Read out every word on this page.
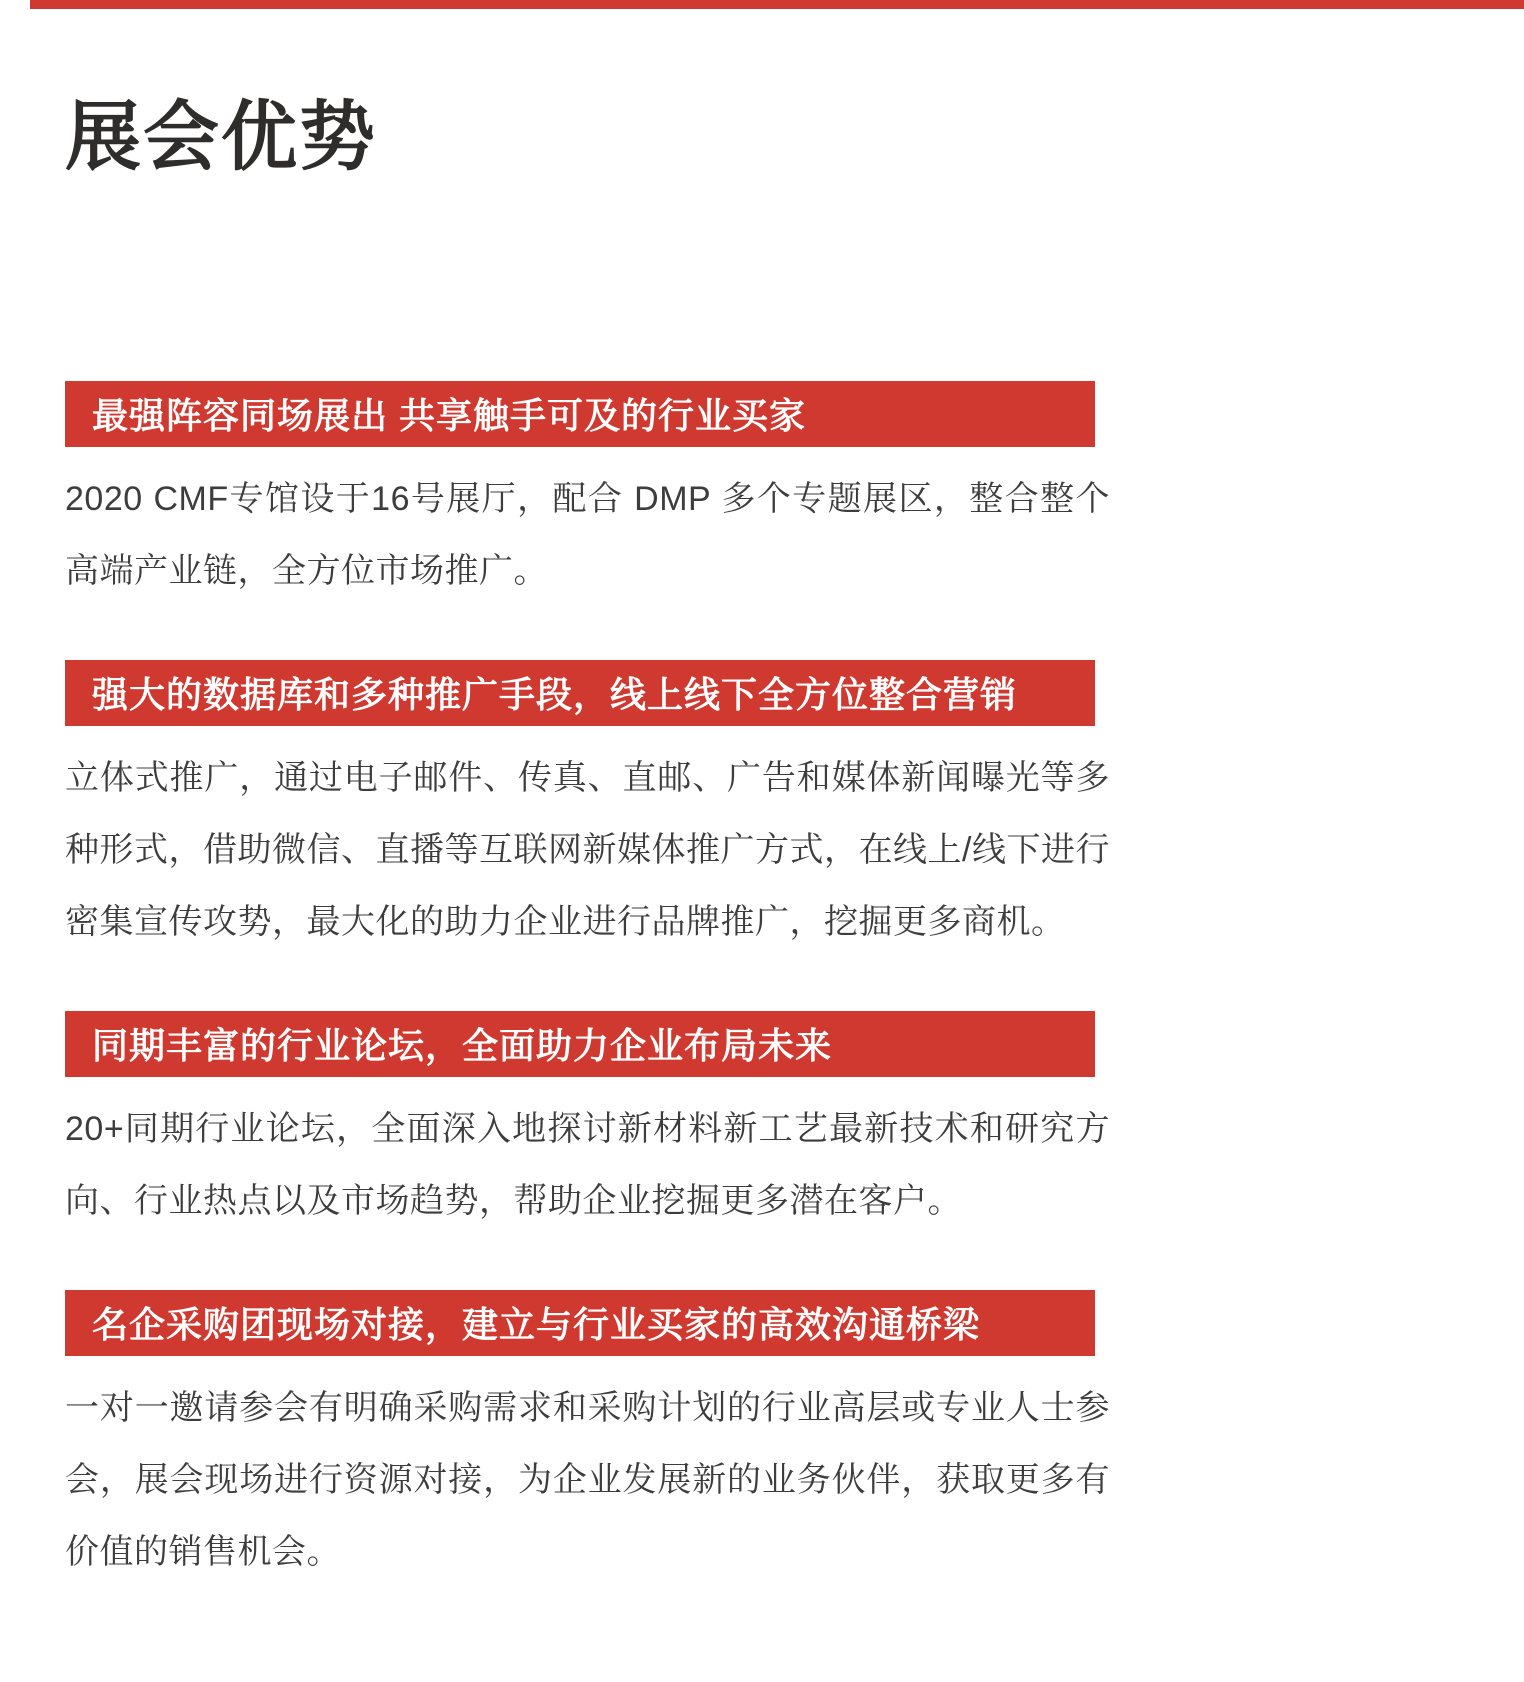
展会优势
最强阵容同场展出 共享触手可及的行业买家

2020 CMF专馆设于16号展厅，配合 DMP 多个专题展区，整合整个高端产业链，全方位市场推广。

强大的数据库和多种推广手段，线上线下全方位整合营销

立体式推广，通过电子邮件、传真、直邮、广告和媒体新闻曝光等多种形式，借助微信、直播等互联网新媒体推广方式，在线上/线下进行密集宣传攻势，最大化的助力企业进行品牌推广，挖掘更多商机。

同期丰富的行业论坛，全面助力企业布局未来

20+同期行业论坛，全面深入地探讨新材料新工艺最新技术和研究方向、行业热点以及市场趋势，帮助企业挖掘更多潜在客户。

名企采购团现场对接，建立与行业买家的高效沟通桥梁

一对一邀请参会有明确采购需求和采购计划的行业高层或专业人士参会，展会现场进行资源对接，为企业发展新的业务伙伴，获取更多有价值的销售机会。
